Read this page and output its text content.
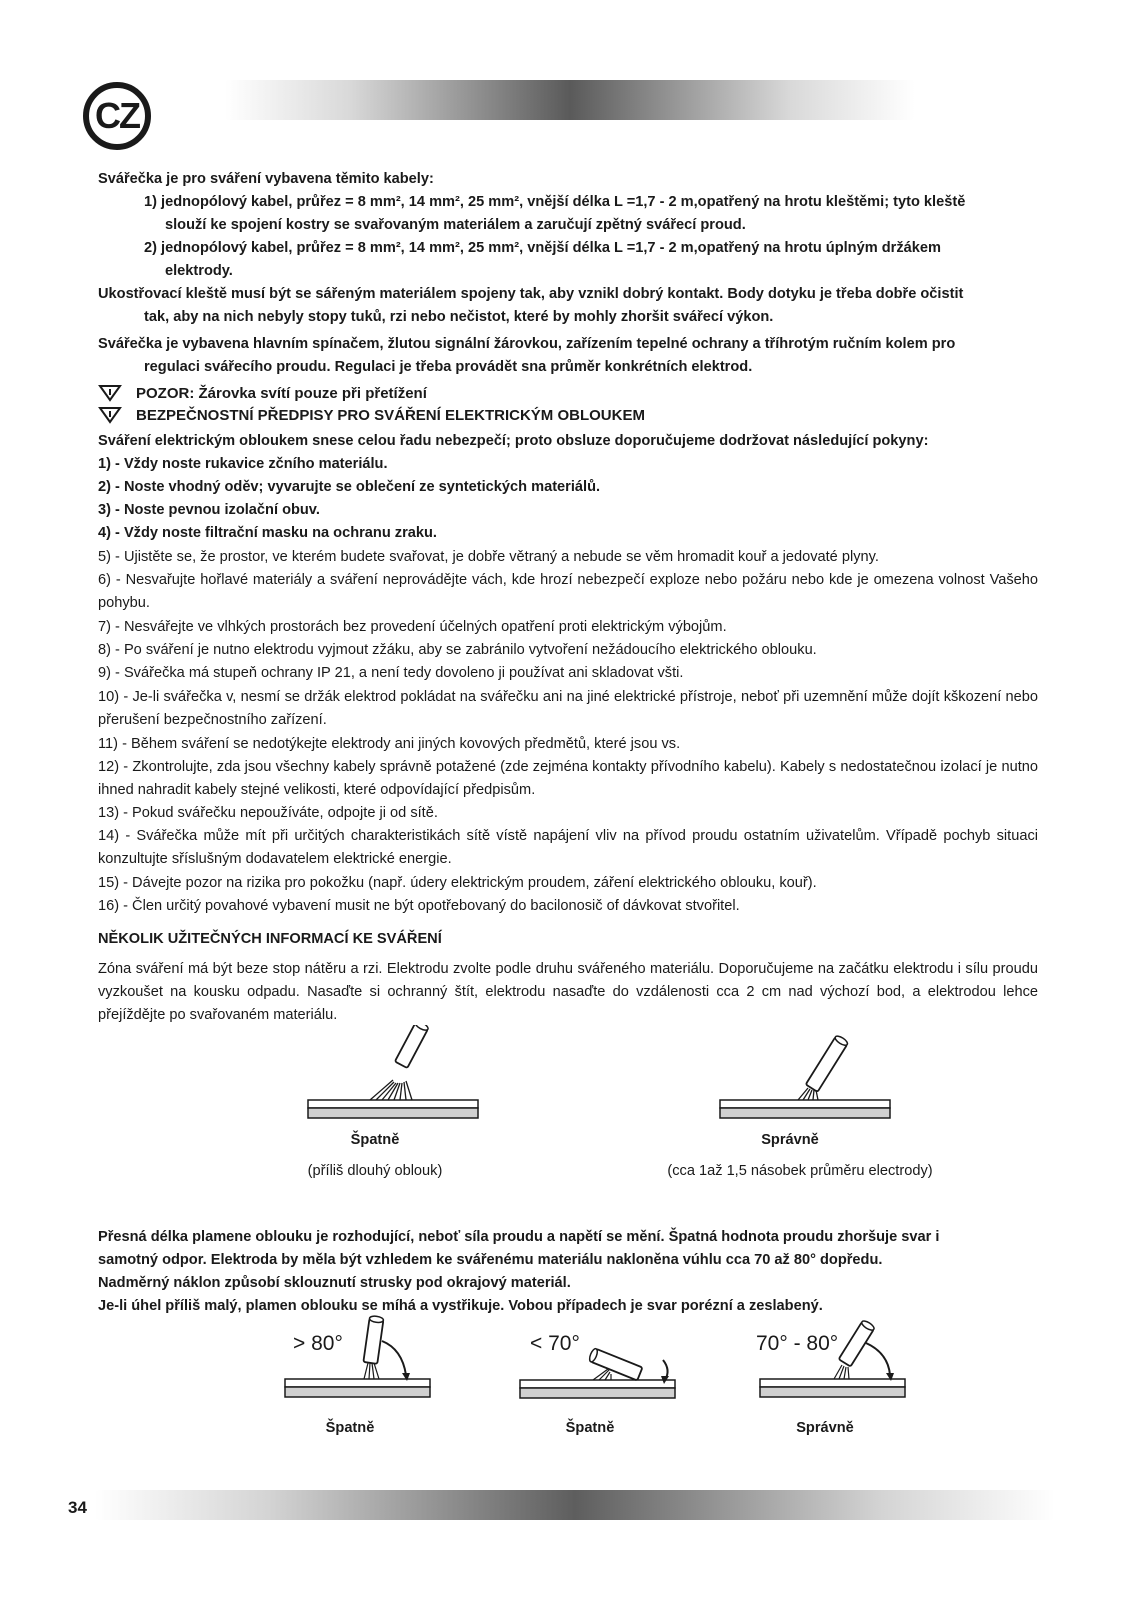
CZ
Svářečka je pro sváření vybavena těmito kabely:
1) jednopólový kabel, průřez = 8 mm², 14 mm², 25 mm², vnější délka L =1,7 - 2 m,opatřený na hrotu kleštěmi; tyto kleště
slouží ke spojení kostry se svařovaným materiálem a zaručují zpětný svářecí proud.
2) jednopólový kabel, průřez = 8 mm², 14 mm², 25 mm², vnější délka L =1,7 - 2 m,opatřený na hrotu úplným držákem
elektrody.
Ukostřovací kleště musí být se sářeným materiálem spojeny tak, aby vznikl dobrý kontakt. Body dotyku je třeba dobře očistit
tak, aby na nich nebyly stopy tuků, rzi nebo nečistot, které by mohly zhoršit svářecí výkon.
Svářečka je vybavena hlavním spínačem, žlutou signální žárovkou, zařízením tepelné ochrany a tříhrotým ručním kolem pro
regulaci svářecího proudu. Regulaci je třeba provádět sna průměr konkrétních elektrod.
POZOR: Žárovka svítí pouze při přetížení
BEZPEČNOSTNÍ PŘEDPISY PRO SVÁŘENÍ ELEKTRICKÝM OBLOUKEM
Sváření elektrickým obloukem snese celou řadu nebezpečí; proto obsluze doporučujeme dodržovat následující pokyny:
1) - Vždy noste rukavice zčního materiálu.
2) - Noste vhodný oděv; vyvarujte se oblečení ze syntetických materiálů.
3) - Noste pevnou izolační obuv.
4) - Vždy noste filtrační masku na ochranu zraku.
5) - Ujistěte se, že prostor, ve kterém budete svařovat, je dobře větraný a nebude se věm hromadit kouř a jedovaté plyny.
6) - Nesvařujte hořlavé materiály a sváření neprovádějte vách, kde hrozí nebezpečí exploze nebo požáru nebo kde je omezena volnost Vašeho pohybu.
7) - Nesvářejte ve vlhkých prostorách bez provedení účelných opatření proti elektrickým výbojům.
8) - Po sváření je nutno elektrodu vyjmout zžáku, aby se zabránilo vytvoření nežádoucího elektrického oblouku.
9) - Svářečka má stupeň ochrany IP 21, a není tedy dovoleno ji používat ani skladovat všti.
10) - Je-li svářečka v, nesmí se držák elektrod pokládat na svářečku ani na jiné elektrické přístroje, neboť při uzemnění může dojít kškození nebo přerušení bezpečnostního zařízení.
11) - Během sváření se nedotýkejte elektrody ani jiných kovových předmětů, které jsou vs.
12) - Zkontrolujte, zda jsou všechny kabely správně potažené (zde zejména kontakty přívodního kabelu). Kabely s nedostatečnou izolací je nutno ihned nahradit kabely stejné velikosti, které odpovídající předpisům.
13) - Pokud svářečku nepoužíváte, odpojte ji od sítě.
14) - Svářečka může mít při určitých charakteristikách sítě vístě napájení vliv na přívod proudu ostatním uživatelům. Vřípadě pochyb situaci konzultujte sříslušným dodavatelem elektrické energie.
15) - Dávejte pozor na rizika pro pokožku (např. údery elektrickým proudem, záření elektrického oblouku, kouř).
16) - Člen určitý povahové vybavení musit ne být opotřebovaný do bacilonosič of dávkovat stvořitel.
NĚKOLIK UŽITEČNÝCH INFORMACÍ KE SVÁŘENÍ
Zóna sváření má být beze stop nátěru a rzi. Elektrodu zvolte podle druhu svářeného materiálu. Doporučujeme na začátku elektrodu i sílu proudu vyzkoušet na kousku odpadu. Nasaďte si ochranný štít, elektrodu nasaďte do vzdálenosti cca 2 cm nad výchozí bod, a elektrodou lehce přejíždějte po svařovaném materiálu.
Špatně
(příliš dlouhý oblouk)
Správně
(cca 1až 1,5 násobek průměru electrody)
Přesná délka plamene oblouku je rozhodující, neboť síla proudu a napětí se mění. Špatná hodnota proudu zhoršuje svar i
samotný odpor. Elektroda by měla být vzhledem ke svářenému materiálu nakloněna vúhlu cca 70 až 80° dopředu.
Nadměrný náklon způsobí sklouznutí strusky pod okrajový materiál.
Je-li úhel příliš malý, plamen oblouku se míhá a vystřikuje. Vobou případech je svar porézní a zeslabený.
> 80°
Špatně
< 70°
Špatně
70° - 80°
Správně
34
